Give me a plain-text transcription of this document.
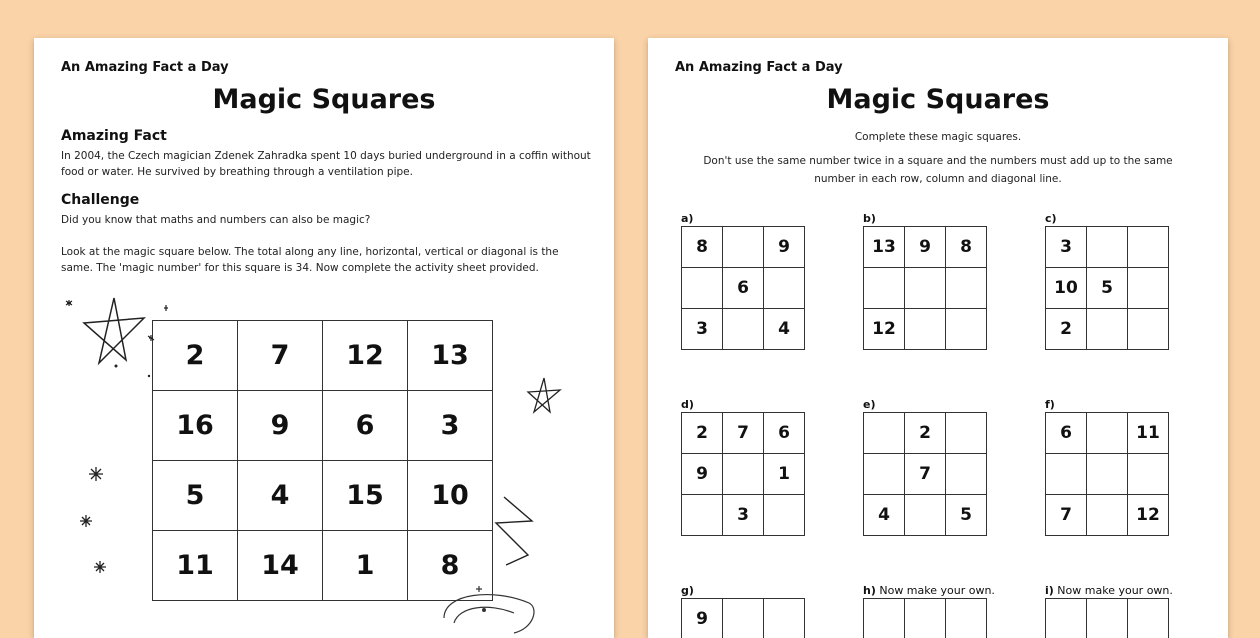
An Amazing Fact a Day
Magic Squares
Amazing Fact
In 2004, the Czech magician Zdenek Zahradka spent 10 days buried underground in a coffin without food or water. He survived by breathing through a ventilation pipe.
Challenge
Did you know that maths and numbers can also be magic?
Look at the magic square below. The total along any line, horizontal, vertical or diagonal is the same. The 'magic number' for this square is 34. Now complete the activity sheet provided.
2	7	12	13
16	9	6	3
5	4	15	10
11	14	1	8
An Amazing Fact a Day
Magic Squares
Complete these magic squares.
Don't use the same number twice in a square and the numbers must add up to the same number in each row, column and diagonal line.
a)
8		9
	6	
3		4
b)
13	9	8

12		
c)
3		
10	5	
2		
d)
2	7	6
9		1
	3	
e)
	2	
	7	
4		5
f)
6		11

7		12
g)
9		
h) Now make your own.
			i) Now make your own.
